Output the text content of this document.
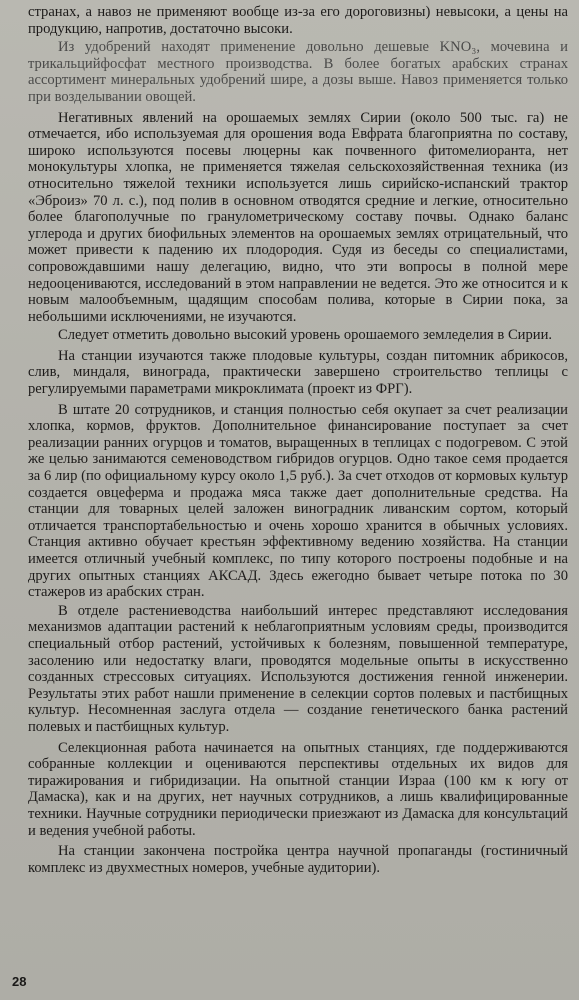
странах, а навоз не применяют вообще из-за его дороговизны) невысоки, а цены на продукцию, напротив, достаточно высоки.

Из удобрений находят применение довольно дешевые KNO₃, мочевина и трикальцийфосфат местного производства. В более богатых арабских странах ассортимент минеральных удобрений шире, а дозы выше. Навоз применяется только при возделывании овощей.

Негативных явлений на орошаемых землях Сирии (около 500 тыс. га) не отмечается, ибо используемая для орошения вода Евфрата благоприятна по составу, широко используются посевы люцерны как почвенного фитомелиоранта, нет монокультуры хлопка, не применяется тяжелая сельскохозяйственная техника (из относительно тяжелой техники используется лишь сирийско-испанский трактор «Эброиз» 70 л. с.), под полив в основном отводятся средние и легкие, относительно более благополучные по гранулометрическому составу почвы. Однако баланс углерода и других биофильных элементов на орошаемых землях отрицательный, что может привести к падению их плодородия. Судя из беседы со специалистами, сопровождавшими нашу делегацию, видно, что эти вопросы в полной мере недооцениваются, исследований в этом направлении не ведется. Это же относится и к новым малообъемным, щадящим способам полива, которые в Сирии пока, за небольшими исключениями, не изучаются.

Следует отметить довольно высокий уровень орошаемого земледелия в Сирии.

На станции изучаются также плодовые культуры, создан питомник абрикосов, слив, миндаля, винограда, практически завершено строительство теплицы с регулируемыми параметрами микроклимата (проект из ФРГ).

В штате 20 сотрудников, и станция полностью себя окупает за счет реализации хлопка, кормов, фруктов. Дополнительное финансирование поступает за счет реализации ранних огурцов и томатов, выращенных в теплицах с подогревом. С этой же целью занимаются семеноводством гибридов огурцов. Одно такое семя продается за 6 лир (по официальному курсу около 1,5 руб.). За счет отходов от кормовых культур создается овцеферма и продажа мяса также дает дополнительные средства. На станции для товарных целей заложен виноградник ливанским сортом, который отличается транспортабельностью и очень хорошо хранится в обычных условиях. Станция активно обучает крестьян эффективному ведению хозяйства. На станции имеется отличный учебный комплекс, по типу которого построены подобные и на других опытных станциях АКСАД. Здесь ежегодно бывает четыре потока по 30 стажеров из арабских стран.

В отделе растениеводства наибольший интерес представляют исследования механизмов адаптации растений к неблагоприятным условиям среды, производится специальный отбор растений, устойчивых к болезням, повышенной температуре, засолению или недостатку влаги, проводятся модельные опыты в искусственно созданных стрессовых ситуациях. Используются достижения генной инженерии. Результаты этих работ нашли применение в селекции сортов полевых и пастбищных культур. Несомненная заслуга отдела — создание генетического банка растений полевых и пастбищных культур.

Селекционная работа начинается на опытных станциях, где поддерживаются собранные коллекции и оцениваются перспективы отдельных их видов для тиражирования и гибридизации. На опытной станции Израа (100 км к югу от Дамаска), как и на других, нет научных сотрудников, а лишь квалифицированные техники. Научные сотрудники периодически приезжают из Дамаска для консультаций и ведения учебной работы.

На станции закончена постройка центра научной пропаганды (гостиничный комплекс из двухместных номеров, учебные аудитории).

28
